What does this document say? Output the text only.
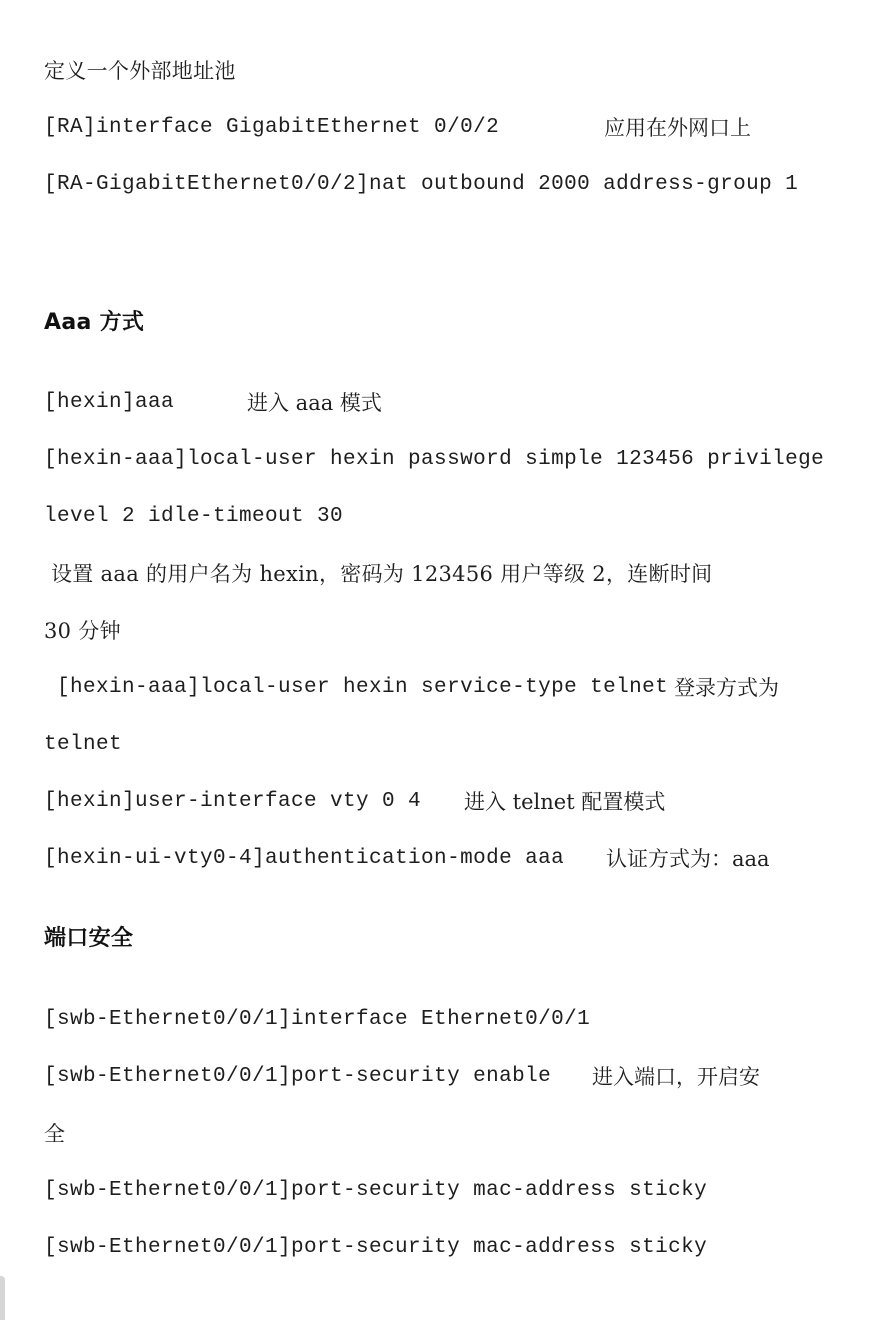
定义一个外部地址池
[RA]interface GigabitEthernet 0/0/2	应用在外网口上
[RA-GigabitEthernet0/0/2]nat outbound 2000 address-group 1
Aaa 方式
[hexin]aaa	进入 aaa 模式
[hexin-aaa]local-user hexin password simple 123456 privilege
level 2 idle-timeout 30
设置 aaa 的用户名为 hexin，密码为 123456 用户等级 2，连断时间
30 分钟
[hexin-aaa]local-user hexin service-type telnet 登录方式为
telnet
[hexin]user-interface vty 0 4 进入 telnet 配置模式
[hexin-ui-vty0-4]authentication-mode aaa 认证方式为：aaa
端口安全
[swb-Ethernet0/0/1]interface Ethernet0/0/1
[swb-Ethernet0/0/1]port-security enable 进入端口，开启安
全
[swb-Ethernet0/0/1]port-security mac-address sticky
[swb-Ethernet0/0/1]port-security mac-address sticky
